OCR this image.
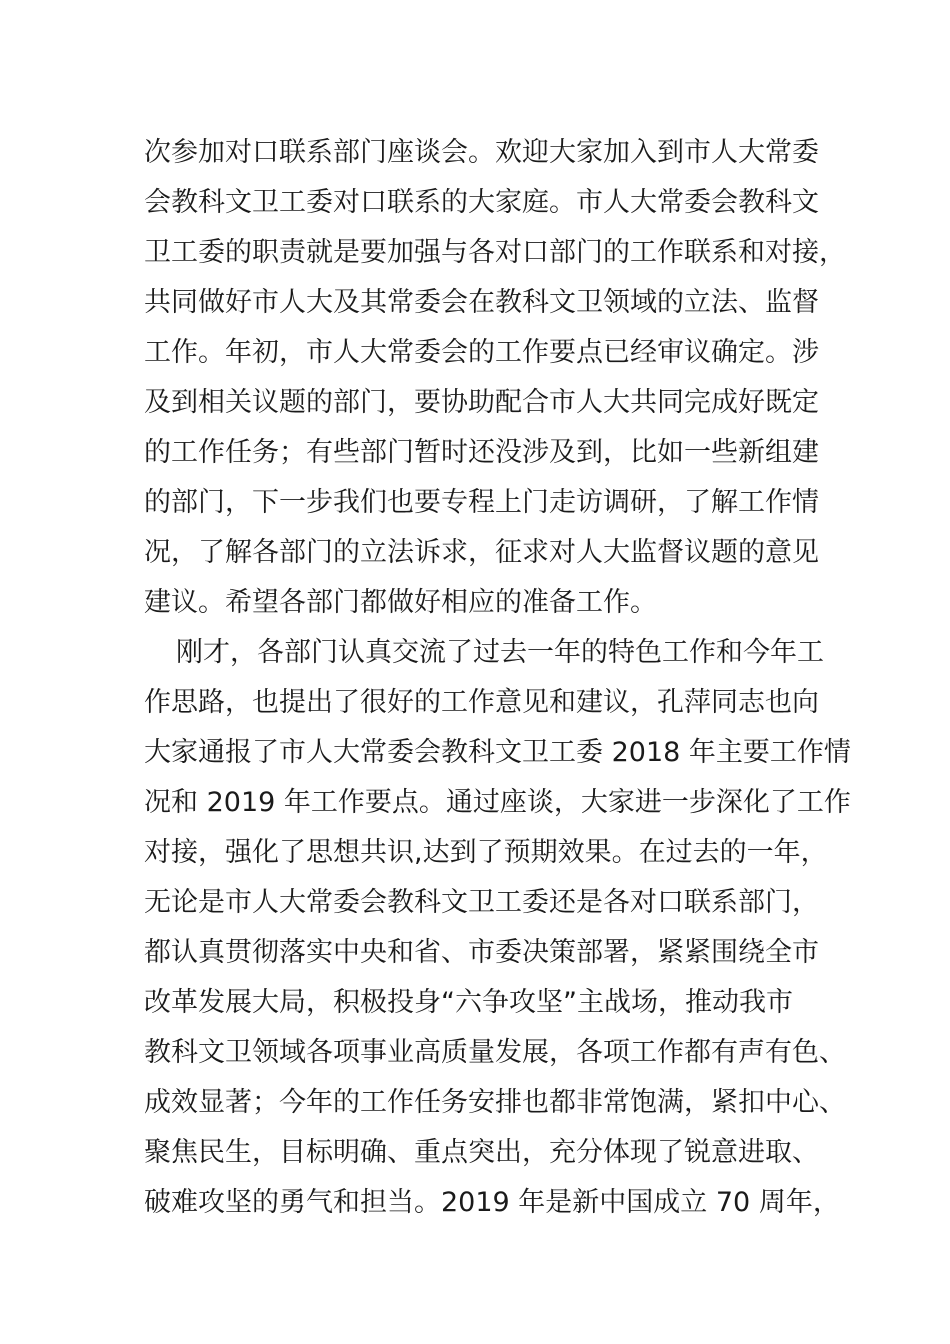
次参加对口联系部门座谈会。欢迎大家加入到市人大常委
会教科文卫工委对口联系的大家庭。市人大常委会教科文
卫工委的职责就是要加强与各对口部门的工作联系和对接，
共同做好市人大及其常委会在教科文卫领域的立法、监督
工作。年初，市人大常委会的工作要点已经审议确定。涉
及到相关议题的部门，要协助配合市人大共同完成好既定
的工作任务；有些部门暂时还没涉及到，比如一些新组建
的部门，下一步我们也要专程上门走访调研，了解工作情
况，了解各部门的立法诉求，征求对人大监督议题的意见
建议。希望各部门都做好相应的准备工作。
刚才，各部门认真交流了过去一年的特色工作和今年工
作思路，也提出了很好的工作意见和建议，孔萍同志也向
大家通报了市人大常委会教科文卫工委 2018 年主要工作情
况和 2019 年工作要点。通过座谈，大家进一步深化了工作
对接，强化了思想共识,达到了预期效果。在过去的一年，
无论是市人大常委会教科文卫工委还是各对口联系部门，
都认真贯彻落实中央和省、市委决策部署，紧紧围绕全市
改革发展大局，积极投身“六争攻坚”主战场，推动我市
教科文卫领域各项事业高质量发展，各项工作都有声有色、
成效显著；今年的工作任务安排也都非常饱满，紧扣中心、
聚焦民生，目标明确、重点突出，充分体现了锐意进取、
破难攻坚的勇气和担当。2019 年是新中国成立 70 周年，
